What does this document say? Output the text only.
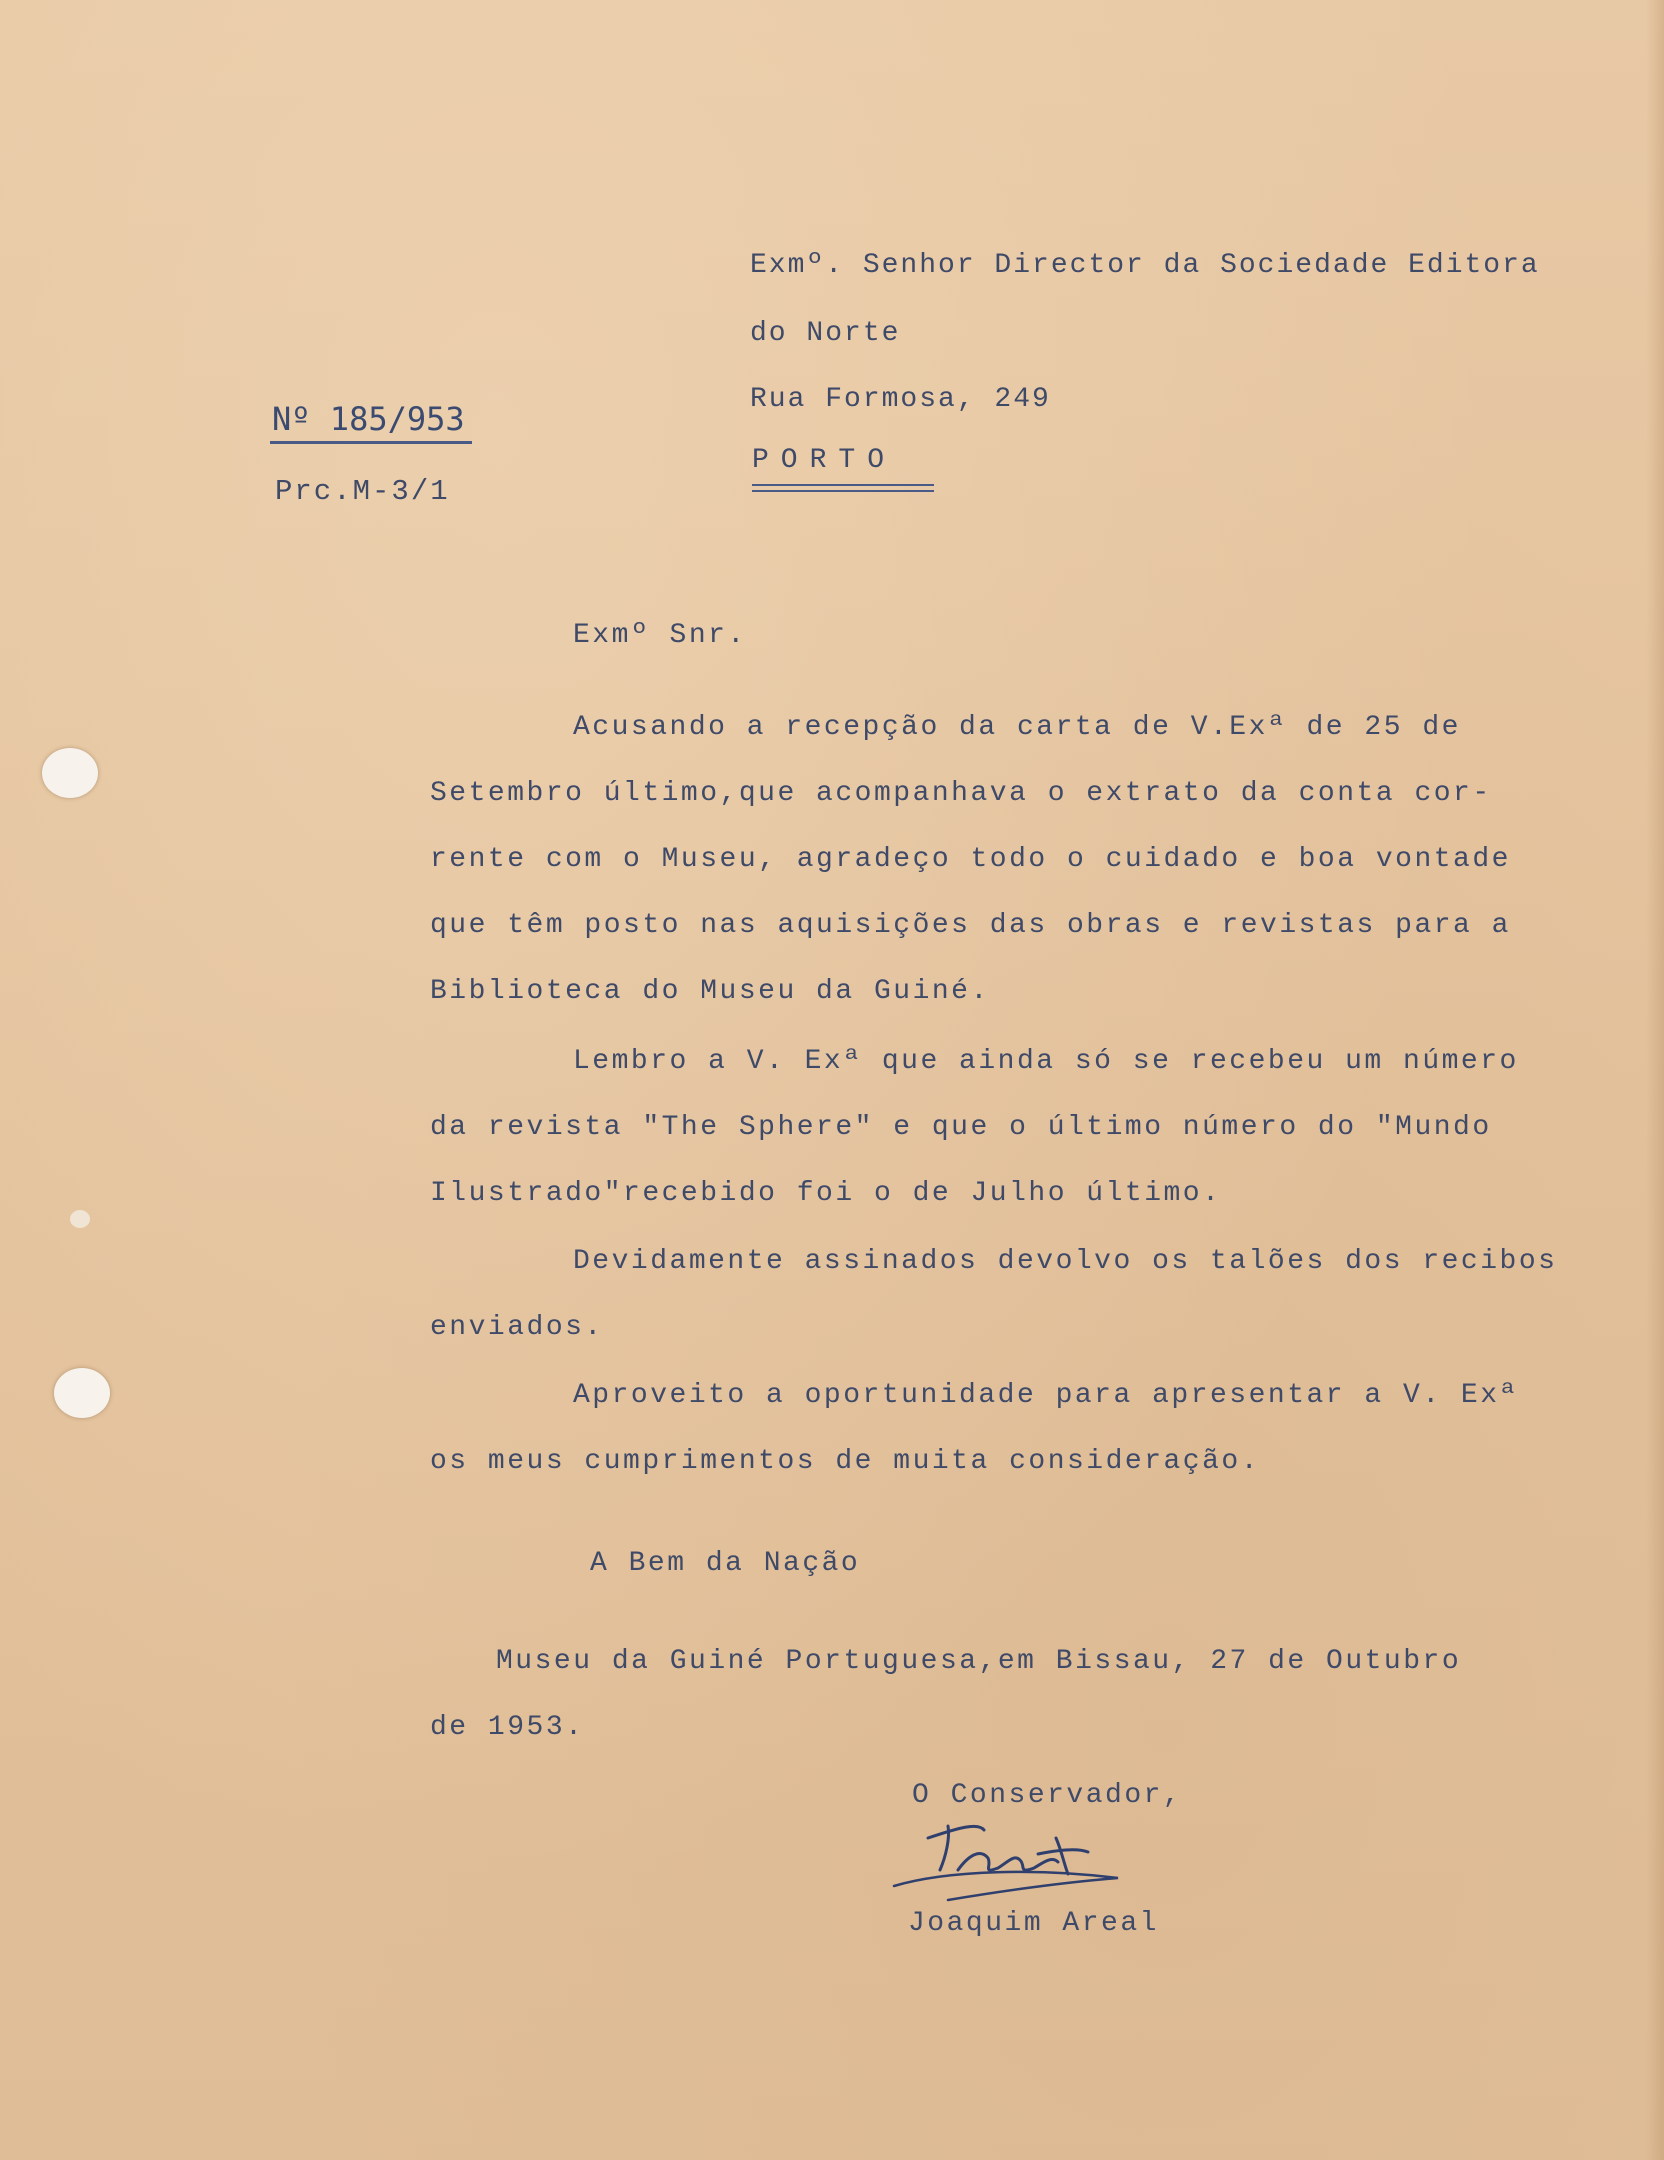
Exmº. Senhor Director da Sociedade Editora
do Norte
Rua Formosa, 249
PORTO
Nº 185/953
Prc.M-3/1
Exmº Snr.
Acusando a recepção da carta de V.Exª de 25 de
Setembro último,que acompanhava o extrato da conta cor-
rente com o Museu, agradeço todo o cuidado e boa vontade
que têm posto nas aquisições das obras e revistas para a
Biblioteca do Museu da Guiné.
Lembro a V. Exª que ainda só se recebeu um número
da revista "The Sphere" e que o último número do "Mundo
Ilustrado"recebido foi o de Julho último.
Devidamente assinados devolvo os talões dos recibos
enviados.
Aproveito a oportunidade para apresentar a V. Exª
os meus cumprimentos de muita consideração.
A Bem da Nação
Museu da Guiné Portuguesa,em Bissau, 27 de Outubro
de 1953.
O Conservador,
Joaquim Areal
